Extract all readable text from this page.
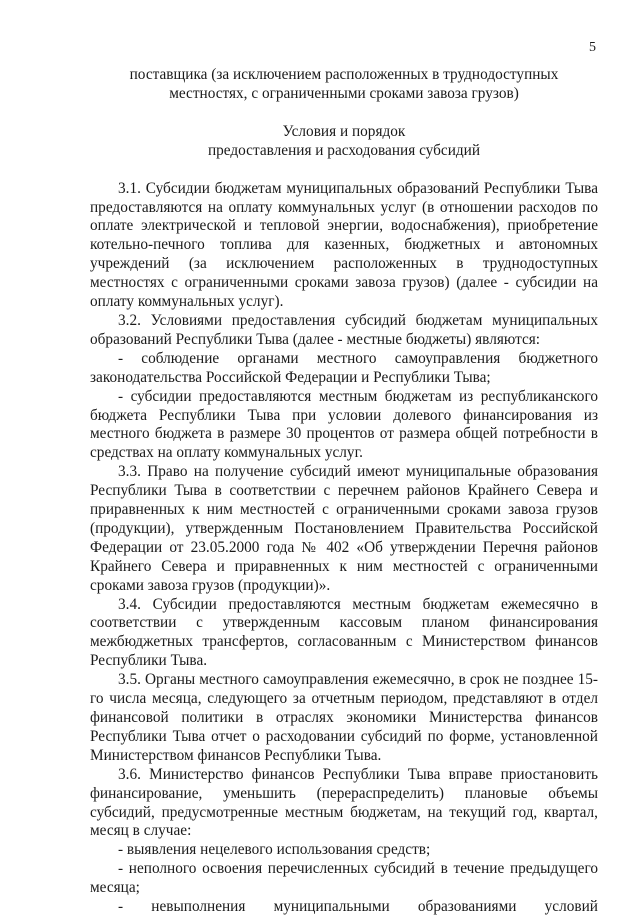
5

поставщика (за исключением расположенных в труднодоступных

местностях, с ограниченными сроками завоза грузов)

Условия и порядок

предоставления и расходования субсидий

3.1. Субсидии бюджетам муниципальных образований Республики Тыва предоставляются на оплату коммунальных услуг (в отношении расходов по оплате электрической и тепловой энергии, водоснабжения), приобретение котельно-печного топлива для казенных, бюджетных и автономных учреждений (за исключением расположенных в труднодоступных местностях с ограниченными сроками завоза грузов) (далее - субсидии на оплату коммунальных услуг).

3.2. Условиями предоставления субсидий бюджетам муниципальных образований Республики Тыва (далее - местные бюджеты) являются:

- соблюдение органами местного самоуправления бюджетного законодательства Российской Федерации и Республики Тыва;

- субсидии предоставляются местным бюджетам из республиканского бюджета Республики Тыва при условии долевого финансирования из местного бюджета в размере 30 процентов от размера общей потребности в средствах на оплату коммунальных услуг.

3.3. Право на получение субсидий имеют муниципальные образования Республики Тыва в соответствии с перечнем районов Крайнего Севера и приравненных к ним местностей с ограниченными сроками завоза грузов (продукции), утвержденным Постановлением Правительства Российской Федерации от 23.05.2000 года № 402 «Об утверждении Перечня районов Крайнего Севера и приравненных к ним местностей с ограниченными сроками завоза грузов (продукции)».

3.4. Субсидии предоставляются местным бюджетам ежемесячно в соответствии с утвержденным кассовым планом финансирования межбюджетных трансфертов, согласованным с Министерством финансов Республики Тыва.

3.5. Органы местного самоуправления ежемесячно, в срок не позднее 15-го числа месяца, следующего за отчетным периодом, представляют в отдел финансовой политики в отраслях экономики Министерства финансов Республики Тыва отчет о расходовании субсидий по форме, установленной Министерством финансов Республики Тыва.

3.6. Министерство финансов Республики Тыва вправе приостановить финансирование, уменьшить (перераспределить) плановые объемы субсидий, предусмотренные местным бюджетам, на текущий год, квартал, месяц в случае:

- выявления нецелевого использования средств;

- неполного освоения перечисленных субсидий в течение предыдущего месяца;

- невыполнения муниципальными образованиями условий
